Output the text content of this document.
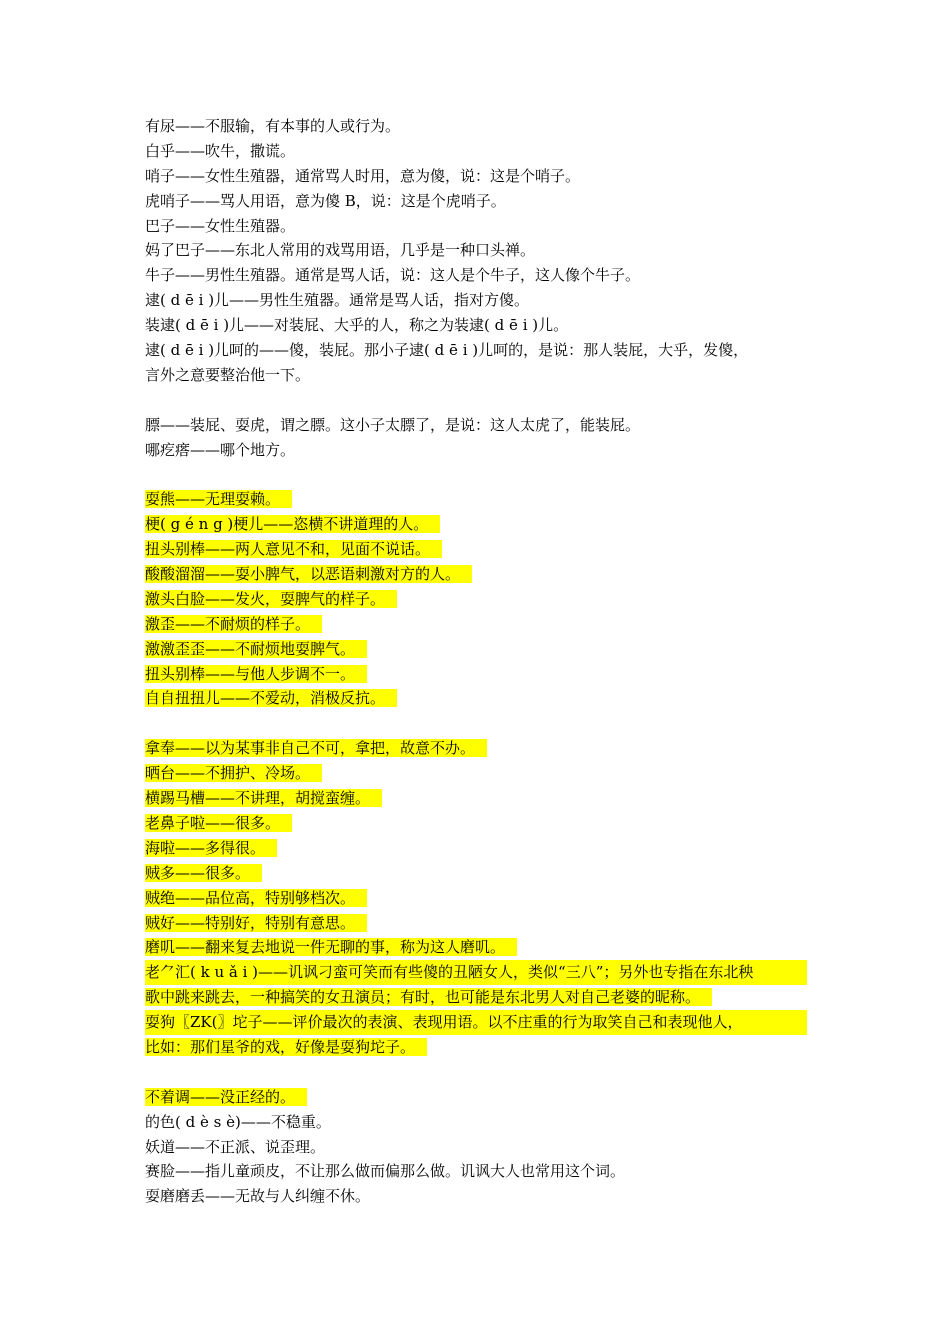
有尿——不服输，有本事的人或行为。
白乎——吹牛，撒谎。
哨子——女性生殖器，通常骂人时用，意为傻，说：这是个哨子。
虎哨子——骂人用语，意为傻 B，说：这是个虎哨子。
巴子——女性生殖器。
妈了巴子——东北人常用的戏骂用语，几乎是一种口头禅。
牛子——男性生殖器。通常是骂人话，说：这人是个牛子，这人像个牛子。
逮( d ē i )儿——男性生殖器。通常是骂人话，指对方傻。
装逮( d ē i )儿——对装屁、大乎的人，称之为装逮( d ē i )儿。
逮( d ē i )儿呵的——傻，装屁。那小子逮( d ē i )儿呵的，是说：那人装屁，大乎，发傻，
言外之意要整治他一下。
膘——装屁、耍虎，谓之膘。这小子太膘了，是说：这人太虎了，能装屁。
哪疙瘩——哪个地方。
耍熊——无理耍赖。
梗( g é n g )梗儿——恣横不讲道理的人。
扭头别棒——两人意见不和，见面不说话。
酸酸溜溜——耍小脾气，以恶语刺激对方的人。
激头白脸——发火，耍脾气的样子。
激歪——不耐烦的样子。
激激歪歪——不耐烦地耍脾气。
扭头别棒——与他人步调不一。
自自扭扭儿——不爱动，消极反抗。
拿奉——以为某事非自己不可，拿把，故意不办。
晒台——不拥护、冷场。
横踢马槽——不讲理，胡搅蛮缠。
老鼻子啦——很多。
海啦——多得很。
贼多——很多。
贼绝——品位高，特别够档次。
贼好——特别好，特别有意思。
磨叽——翻来复去地说一件无聊的事，称为这人磨叽。
老⺈汇( k u ǎ i )——讥讽刁蛮可笑而有些傻的丑陋女人，类似“三八”；另外也专指在东北秧
歌中跳来跳去，一种搞笑的女丑演员；有时，也可能是东北男人对自己老婆的昵称。
耍狗〖ZK(〗坨子——评价最次的表演、表现用语。以不庄重的行为取笑自己和表现他人，
比如：那们星爷的戏，好像是耍狗坨子。
不着调——没正经的。
的色( d è s è)——不稳重。
妖道——不正派、说歪理。
赛脸——指儿童顽皮，不让那么做而偏那么做。讥讽大人也常用这个词。
耍磨磨丢——无故与人纠缠不休。
